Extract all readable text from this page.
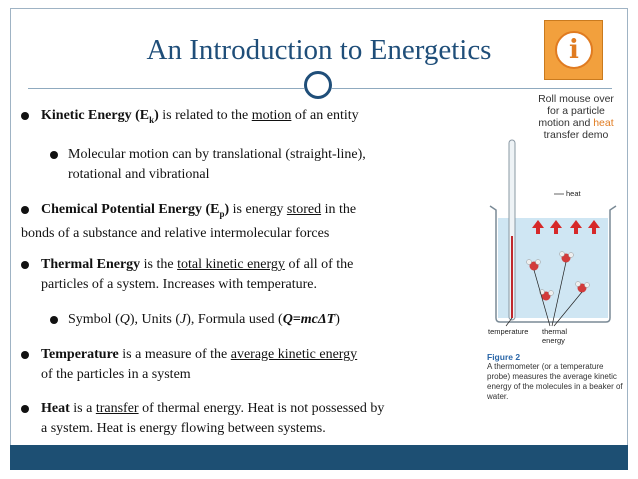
An Introduction to Energetics	i
Roll mouse over
for a particle
motion and heat
transfer demo
Kinetic Energy $(E_k)$ is related to the motion of an entity
Molecular motion can by translational (straight-line),
rotational and vibrational
Chemical Potential Energy $(E_p)$ is energy stored in the
bonds of a substance and relative intermolecular forces
Thermal Energy is the total kinetic energy of all of the
particles of a system. Increases with temperature.
Symbol (Q), Units (J), Formula used (Q=mcΔT)
Temperature is a measure of the average kinetic energy
of the particles in a system
Heat is a transfer of thermal energy. Heat is not possessed by
a system. Heat is energy flowing between systems.
heat
temperature thermal
energy
Figure 2
A thermometer (or a temperature probe) measures the average kinetic energy of the molecules in a beaker of water.
